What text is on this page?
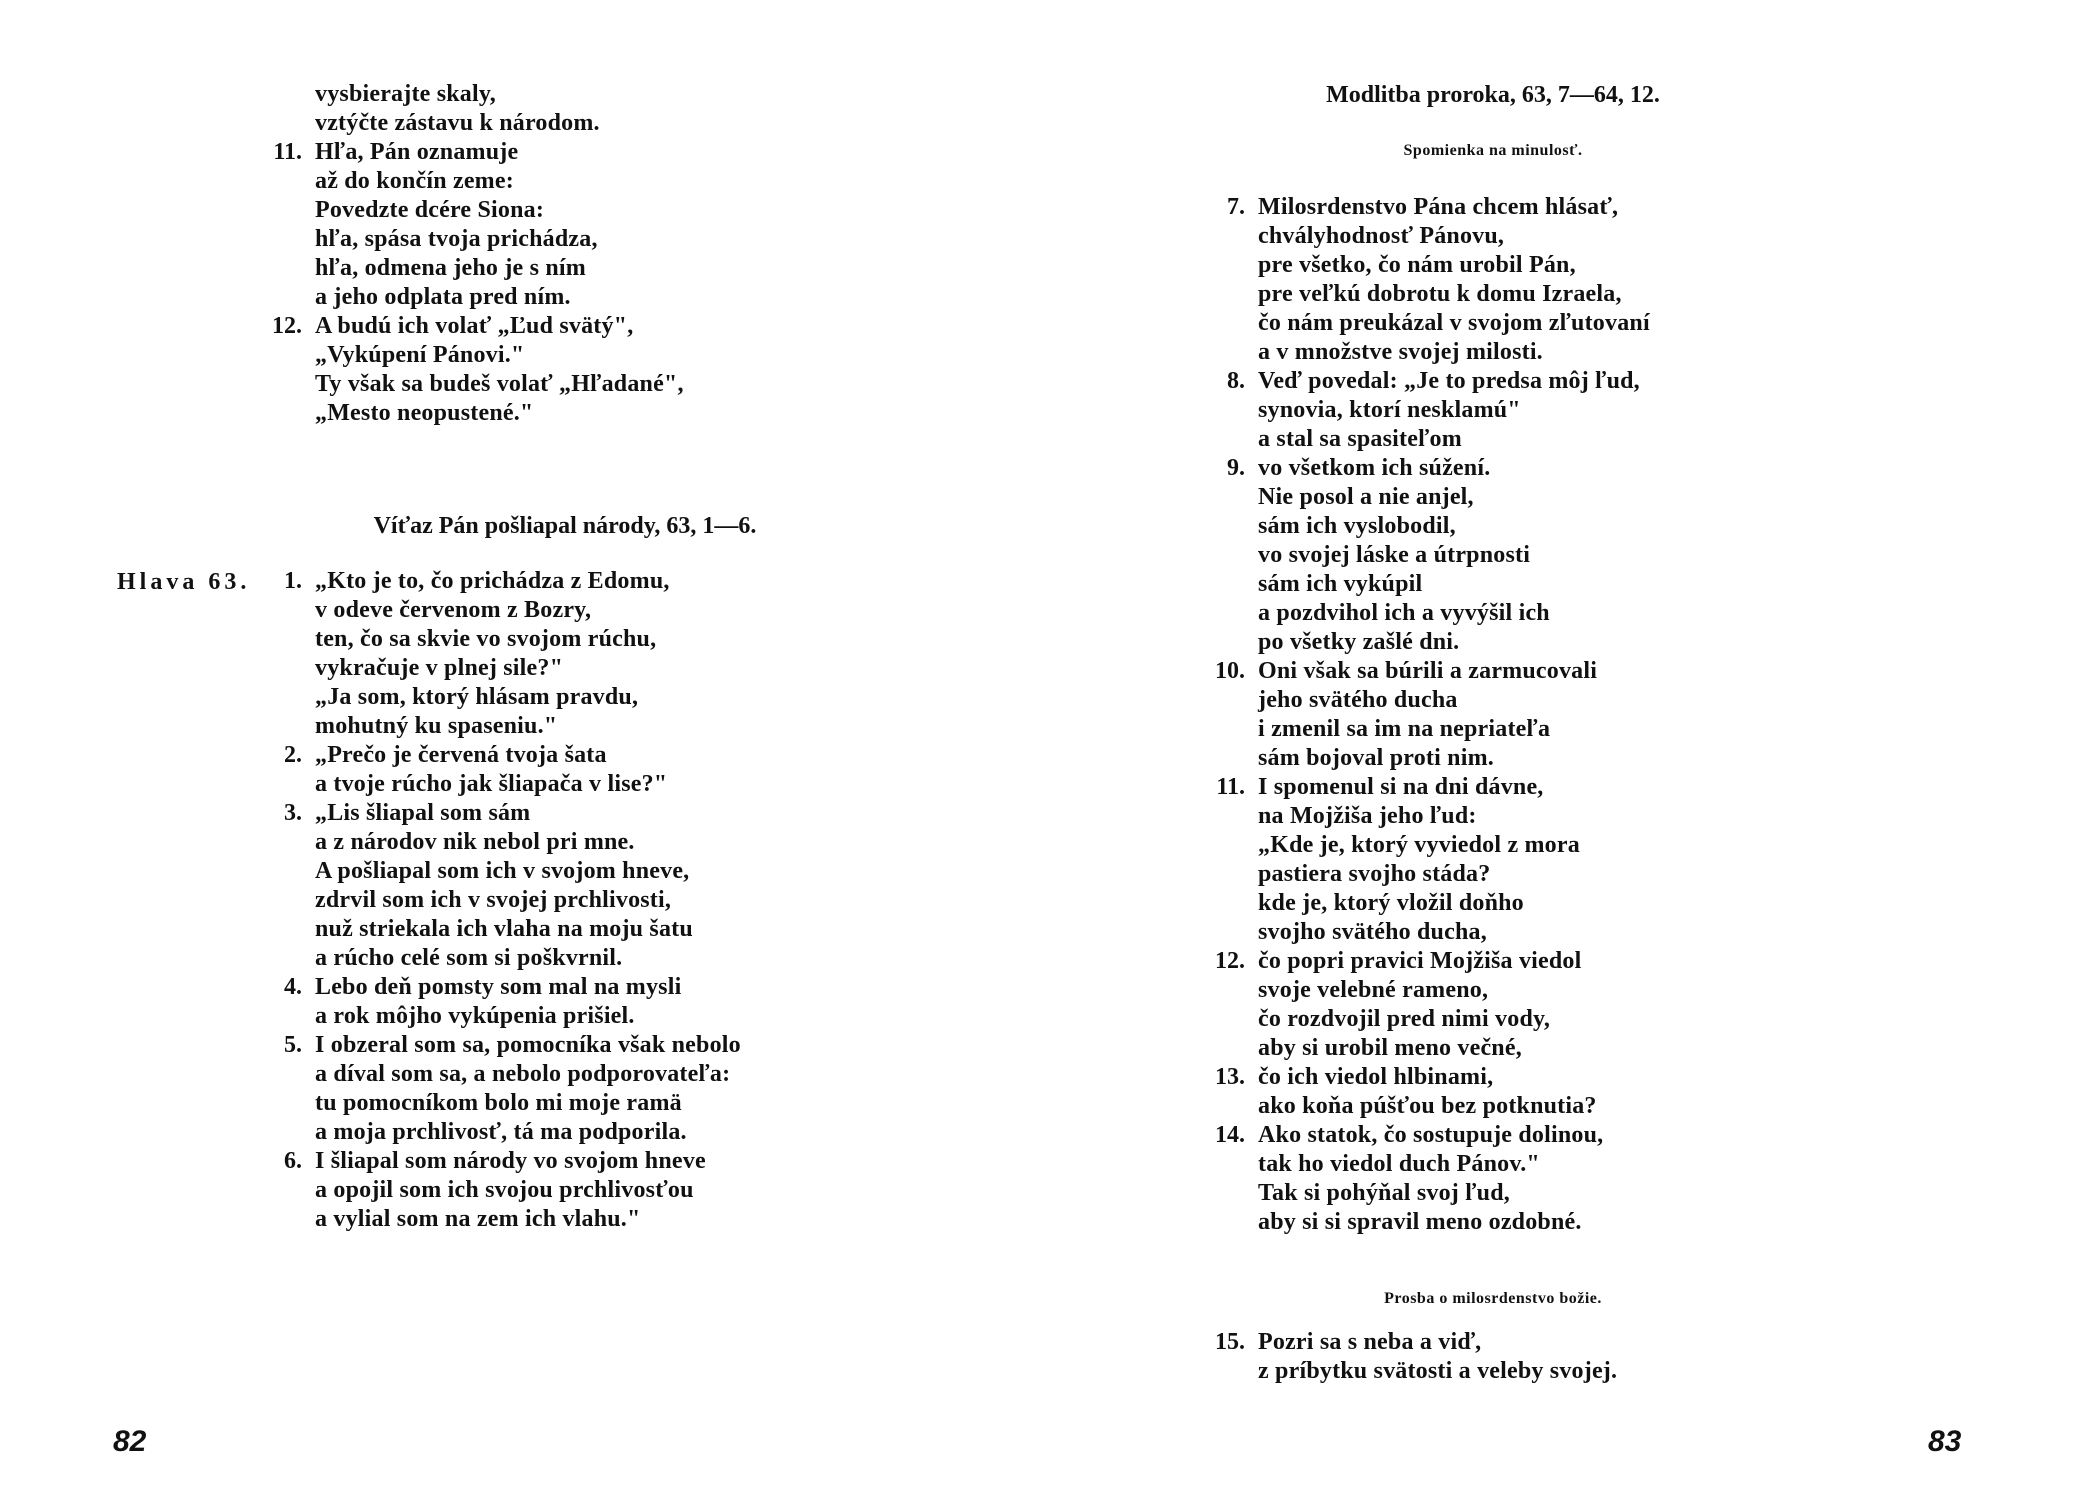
vysbierajte skaly,
vztýčte zástavu k národom.
11. Hľa, Pán oznamuje
až do končín zeme:
Povedzte dcére Siona:
hľa, spása tvoja prichádza,
hľa, odmena jeho je s ním
a jeho odplata pred ním.
12. A budú ich volať „Ľud svätý",
„Vykúpení Pánovi."
Ty však sa budeš volať „Hľadané",
„Mesto neopustené."
Víťaz Pán pošliapal národy, 63, 1—6.
Hlava 63.	1. „Kto je to, čo prichádza z Edomu,
v odeve červenom z Bozry,
ten, čo sa skvie vo svojom rúchu,
vykračuje v plnej sile?"
„Ja som, ktorý hlásam pravdu,
mohutný ku spaseniu."
2. „Prečo je červená tvoja šata
a tvoje rúcho jak šliapača v lise?"
3. „Lis šliapal som sám
a z národov nik nebol pri mne.
A pošliapal som ich v svojom hneve,
zdrvil som ich v svojej prchlivosti,
nuž striekala ich vlaha na moju šatu
a rúcho celé som si poškvrnil.
4. Lebo deň pomsty som mal na mysli
a rok môjho vykúpenia prišiel.
5. I obzeral som sa, pomocníka však nebolo
a díval som sa, a nebolo podporovateľa:
tu pomocníkom bolo mi moje ramä
a moja prchlivosť, tá ma podporila.
6. I šliapal som národy vo svojom hneve
a opojil som ich svojou prchlivosťou
a vylial som na zem ich vlahu."
82
Modlitba proroka, 63, 7—64, 12.
Spomienka na minulosť.
7. Milosrdenstvo Pána chcem hlásať,
chvályhodnosť Pánovu,
pre všetko, čo nám urobil Pán,
pre veľkú dobrotu k domu Izraela,
čo nám preukázal v svojom zľutovaní
a v množstve svojej milosti.
8. Veď povedal: „Je to predsa môj ľud,
synovia, ktorí nesklamú"
a stal sa spasiteľom
9. vo všetkom ich súžení.
Nie posol a nie anjel,
sám ich vyslobodil,
vo svojej láske a útrpnosti
sám ich vykúpil
a pozdvihol ich a vyvýšil ich
po všetky zašlé dni.
10. Oni však sa búrili a zarmucovali
jeho svätého ducha
i zmenil sa im na nepriateľa
sám bojoval proti nim.
11. I spomenul si na dni dávne,
na Mojžiša jeho ľud:
„Kde je, ktorý vyviedol z mora
pastiera svojho stáda?
kde je, ktorý vložil doňho
svojho svätého ducha,
12. čo popri pravici Mojžiša viedol
svoje velebné rameno,
čo rozdvojil pred nimi vody,
aby si urobil meno večné,
13. čo ich viedol hlbinami,
ako koňa púšťou bez potknutia?
14. Ako statok, čo sostupuje dolinou,
tak ho viedol duch Pánov."
Tak si pohýňal svoj ľud,
aby si si spravil meno ozdobné.
Prosba o milosrdenstvo božie.
15. Pozri sa s neba a viď,
z príbytku svätosti a veleby svojej.
83
